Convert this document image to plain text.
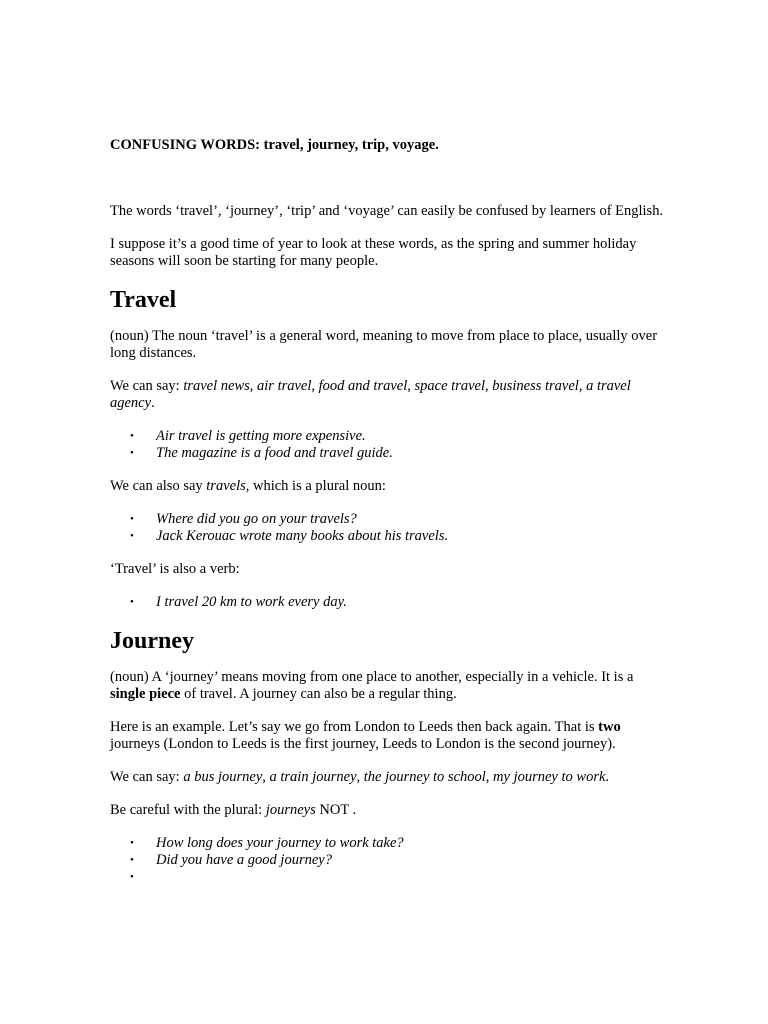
CONFUSING WORDS: travel, journey, trip, voyage.

The words ‘travel’, ‘journey’, ‘trip’ and ‘voyage’ can easily be confused by learners of English.

I suppose it’s a good time of year to look at these words, as the spring and summer holiday seasons will soon be starting for many people.

Travel

(noun) The noun ‘travel’ is a general word, meaning to move from place to place, usually over long distances.

We can say: travel news, air travel, food and travel, space travel, business travel, a travel agency.

• Air travel is getting more expensive.
• The magazine is a food and travel guide.

We can also say travels, which is a plural noun:

• Where did you go on your travels?
• Jack Kerouac wrote many books about his travels.

‘Travel’ is also a verb:

• I travel 20 km to work every day.
Journey

(noun) A ‘journey’ means moving from one place to another, especially in a vehicle. It is a single piece of travel. A journey can also be a regular thing.

Here is an example. Let’s say we go from London to Leeds then back again. That is two journeys (London to Leeds is the first journey, Leeds to London is the second journey).

We can say: a bus journey, a train journey, the journey to school, my journey to work.

Be careful with the plural: journeys NOT .

• How long does your journey to work take?
• Did you have a good journey?
•
